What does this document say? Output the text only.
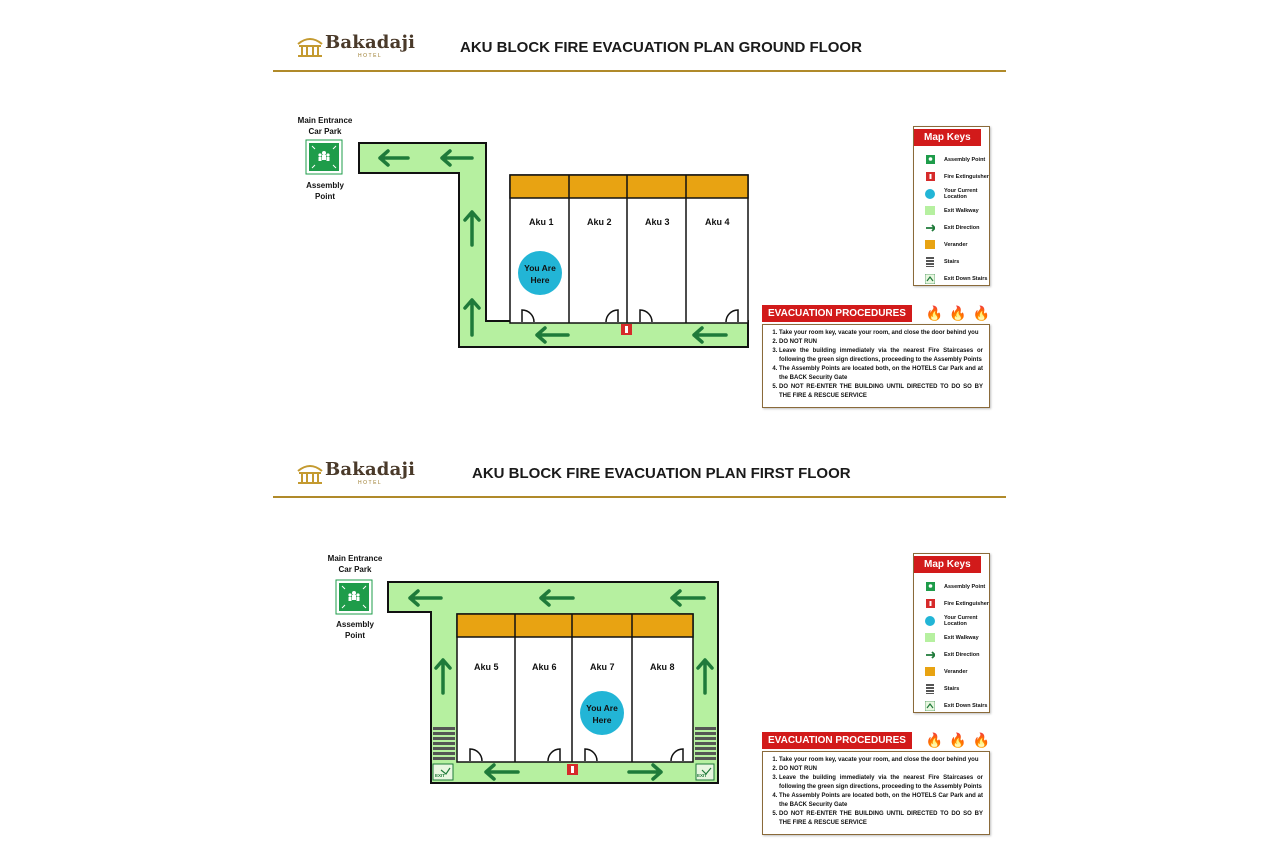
Bakadaji
HOTEL	AKU BLOCK FIRE EVACUATION PLAN GROUND FLOOR
Main Entrance
Car Park
Assembly
Point
Aku 1	Aku 2	Aku 3	Aku 4
You Are
Here
Map Keys
Assembly Point
Fire Extinguisher
Your Current Location
Exit Walkway
Exit Direction
Verander
Stairs
Exit Down Stairs
EVACUATION PROCEDURES	🔥 🔥 🔥
1. Take your room key, vacate your room, and close the door behind you
2. DO NOT RUN
3. Leave the building immediately via the nearest Fire Staircases or following the green sign directions, proceeding to the Assembly Points
4. The Assembly Points are located both, on the HOTELS Car Park and at the BACK Security Gate
5. DO NOT RE-ENTER THE BUILDING UNTIL DIRECTED TO DO SO BY THE FIRE & RESCUE SERVICE
Bakadaji
HOTEL
AKU BLOCK FIRE EVACUATION PLAN FIRST FLOOR
Main Entrance
Car Park
Assembly
Point
Aku 5	Aku 6	Aku 7	Aku 8
You Are
Here
EXIT	EXIT
Map Keys
Assembly Point
Fire Extinguisher
Your Current Location
Exit Walkway
Exit Direction
Verander
Stairs
Exit Down Stairs
EVACUATION PROCEDURES	🔥 🔥 🔥
1. Take your room key, vacate your room, and close the door behind you
2. DO NOT RUN
3. Leave the building immediately via the nearest Fire Staircases or following the green sign directions, proceeding to the Assembly Points
4. The Assembly Points are located both, on the HOTELS Car Park and at the BACK Security Gate
5. DO NOT RE-ENTER THE BUILDING UNTIL DIRECTED TO DO SO BY THE FIRE & RESCUE SERVICE
